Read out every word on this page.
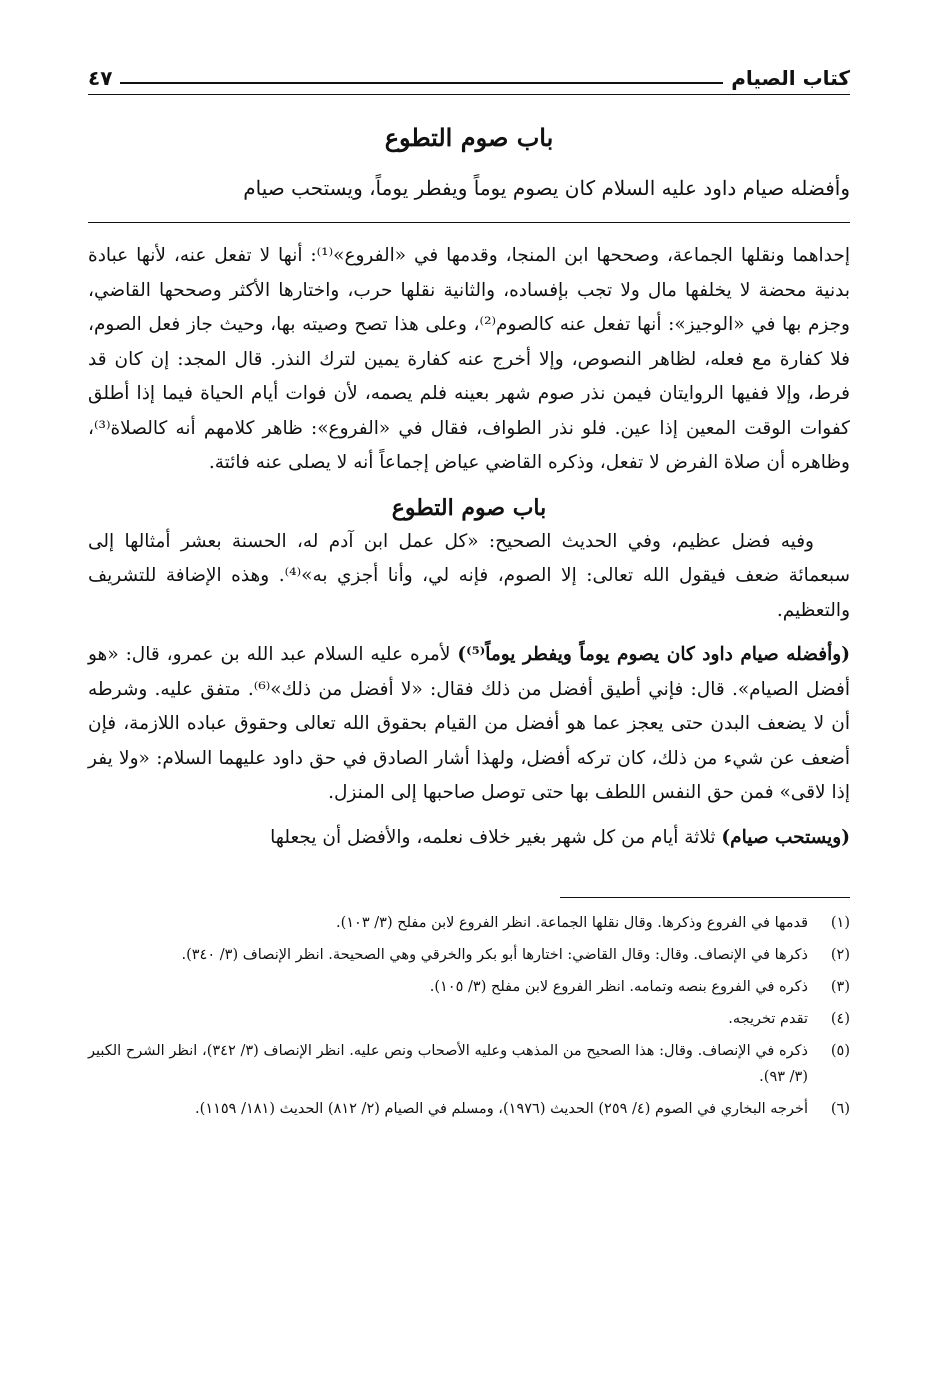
كتاب الصيام
٤٧
باب صوم التطوع

وأفضله صيام داود عليه السلام كان يصوم يوماً ويفطر يوماً، ويستحب صيام

إحداهما ونقلها الجماعة، وصححها ابن المنجا، وقدمها في «الفروع»⁽¹⁾: أنها لا تفعل عنه، لأنها عبادة بدنية محضة لا يخلفها مال ولا تجب بإفساده، والثانية نقلها حرب، واختارها الأكثر وصححها القاضي، وجزم بها في «الوجيز»: أنها تفعل عنه كالصوم⁽²⁾، وعلى هذا تصح وصيته بها، وحيث جاز فعل الصوم، فلا كفارة مع فعله، لظاهر النصوص، وإلا أخرج عنه كفارة يمين لترك النذر. قال المجد: إن كان قد فرط، وإلا ففيها الروايتان فيمن نذر صوم شهر بعينه فلم يصمه، لأن فوات أيام الحياة فيما إذا أطلق كفوات الوقت المعين إذا عين. فلو نذر الطواف، فقال في «الفروع»: ظاهر كلامهم أنه كالصلاة⁽³⁾، وظاهره أن صلاة الفرض لا تفعل، وذكره القاضي عياض إجماعاً أنه لا يصلى عنه فائتة.

باب صوم التطوع

وفيه فضل عظيم، وفي الحديث الصحيح: «كل عمل ابن آدم له، الحسنة بعشر أمثالها إلى سبعمائة ضعف فيقول الله تعالى: إلا الصوم، فإنه لي، وأنا أجزي به»⁽⁴⁾. وهذه الإضافة للتشريف والتعظيم.

(وأفضله صيام داود كان يصوم يوماً ويفطر يوماً⁽⁵⁾) لأمره عليه السلام عبد الله بن عمرو، قال: «هو أفضل الصيام». قال: فإني أطيق أفضل من ذلك فقال: «لا أفضل من ذلك»⁽⁶⁾. متفق عليه. وشرطه أن لا يضعف البدن حتى يعجز عما هو أفضل من القيام بحقوق الله تعالى وحقوق عباده اللازمة، فإن أضعف عن شيء من ذلك، كان تركه أفضل، ولهذا أشار الصادق في حق داود عليهما السلام: «ولا يفر إذا لاقى» فمن حق النفس اللطف بها حتى توصل صاحبها إلى المنزل.

(ويستحب صيام) ثلاثة أيام من كل شهر بغير خلاف نعلمه، والأفضل أن يجعلها

(١)
قدمها في الفروع وذكرها. وقال نقلها الجماعة. انظر الفروع لابن مفلح (٣/ ١٠٣).
(٢)
ذكرها في الإنصاف. وقال: وقال القاضي: اختارها أبو بكر والخرقي وهي الصحيحة. انظر الإنصاف (٣/ ٣٤٠).
(٣)
ذكره في الفروع بنصه وتمامه. انظر الفروع لابن مفلح (٣/ ١٠٥).
(٤)
تقدم تخريجه.
(٥)
ذكره في الإنصاف. وقال: هذا الصحيح من المذهب وعليه الأصحاب ونص عليه. انظر الإنصاف (٣/ ٣٤٢)، انظر الشرح الكبير (٣/ ٩٣).
(٦)
أخرجه البخاري في الصوم (٤/ ٢٥٩) الحديث (١٩٧٦)، ومسلم في الصيام (٢/ ٨١٢) الحديث (١٨١/ ١١٥٩).
